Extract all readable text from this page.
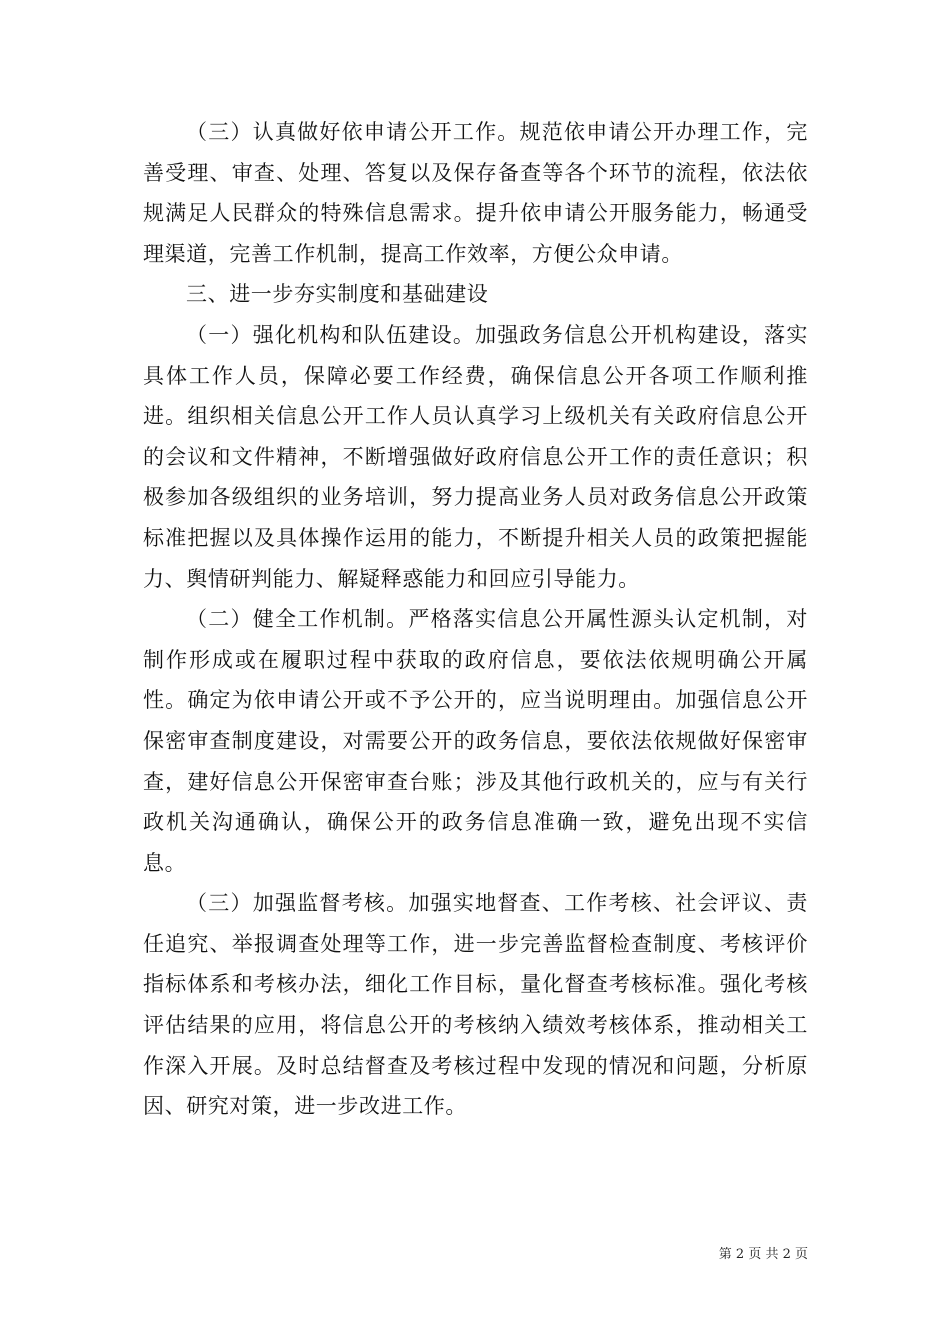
（三）认真做好依申请公开工作。规范依申请公开办理工作，完善受理、审查、处理、答复以及保存备查等各个环节的流程，依法依规满足人民群众的特殊信息需求。提升依申请公开服务能力，畅通受理渠道，完善工作机制，提高工作效率，方便公众申请。

三、进一步夯实制度和基础建设

（一）强化机构和队伍建设。加强政务信息公开机构建设，落实具体工作人员，保障必要工作经费，确保信息公开各项工作顺利推进。组织相关信息公开工作人员认真学习上级机关有关政府信息公开的会议和文件精神，不断增强做好政府信息公开工作的责任意识；积极参加各级组织的业务培训，努力提高业务人员对政务信息公开政策标准把握以及具体操作运用的能力，不断提升相关人员的政策把握能力、舆情研判能力、解疑释惑能力和回应引导能力。

（二）健全工作机制。严格落实信息公开属性源头认定机制，对制作形成或在履职过程中获取的政府信息，要依法依规明确公开属性。确定为依申请公开或不予公开的，应当说明理由。加强信息公开保密审查制度建设，对需要公开的政务信息，要依法依规做好保密审查，建好信息公开保密审查台账；涉及其他行政机关的，应与有关行政机关沟通确认，确保公开的政务信息准确一致，避免出现不实信息。

（三）加强监督考核。加强实地督查、工作考核、社会评议、责任追究、举报调查处理等工作，进一步完善监督检查制度、考核评价指标体系和考核办法，细化工作目标，量化督查考核标准。强化考核评估结果的应用，将信息公开的考核纳入绩效考核体系，推动相关工作深入开展。及时总结督查及考核过程中发现的情况和问题，分析原因、研究对策，进一步改进工作。

第 2 页 共 2 页
